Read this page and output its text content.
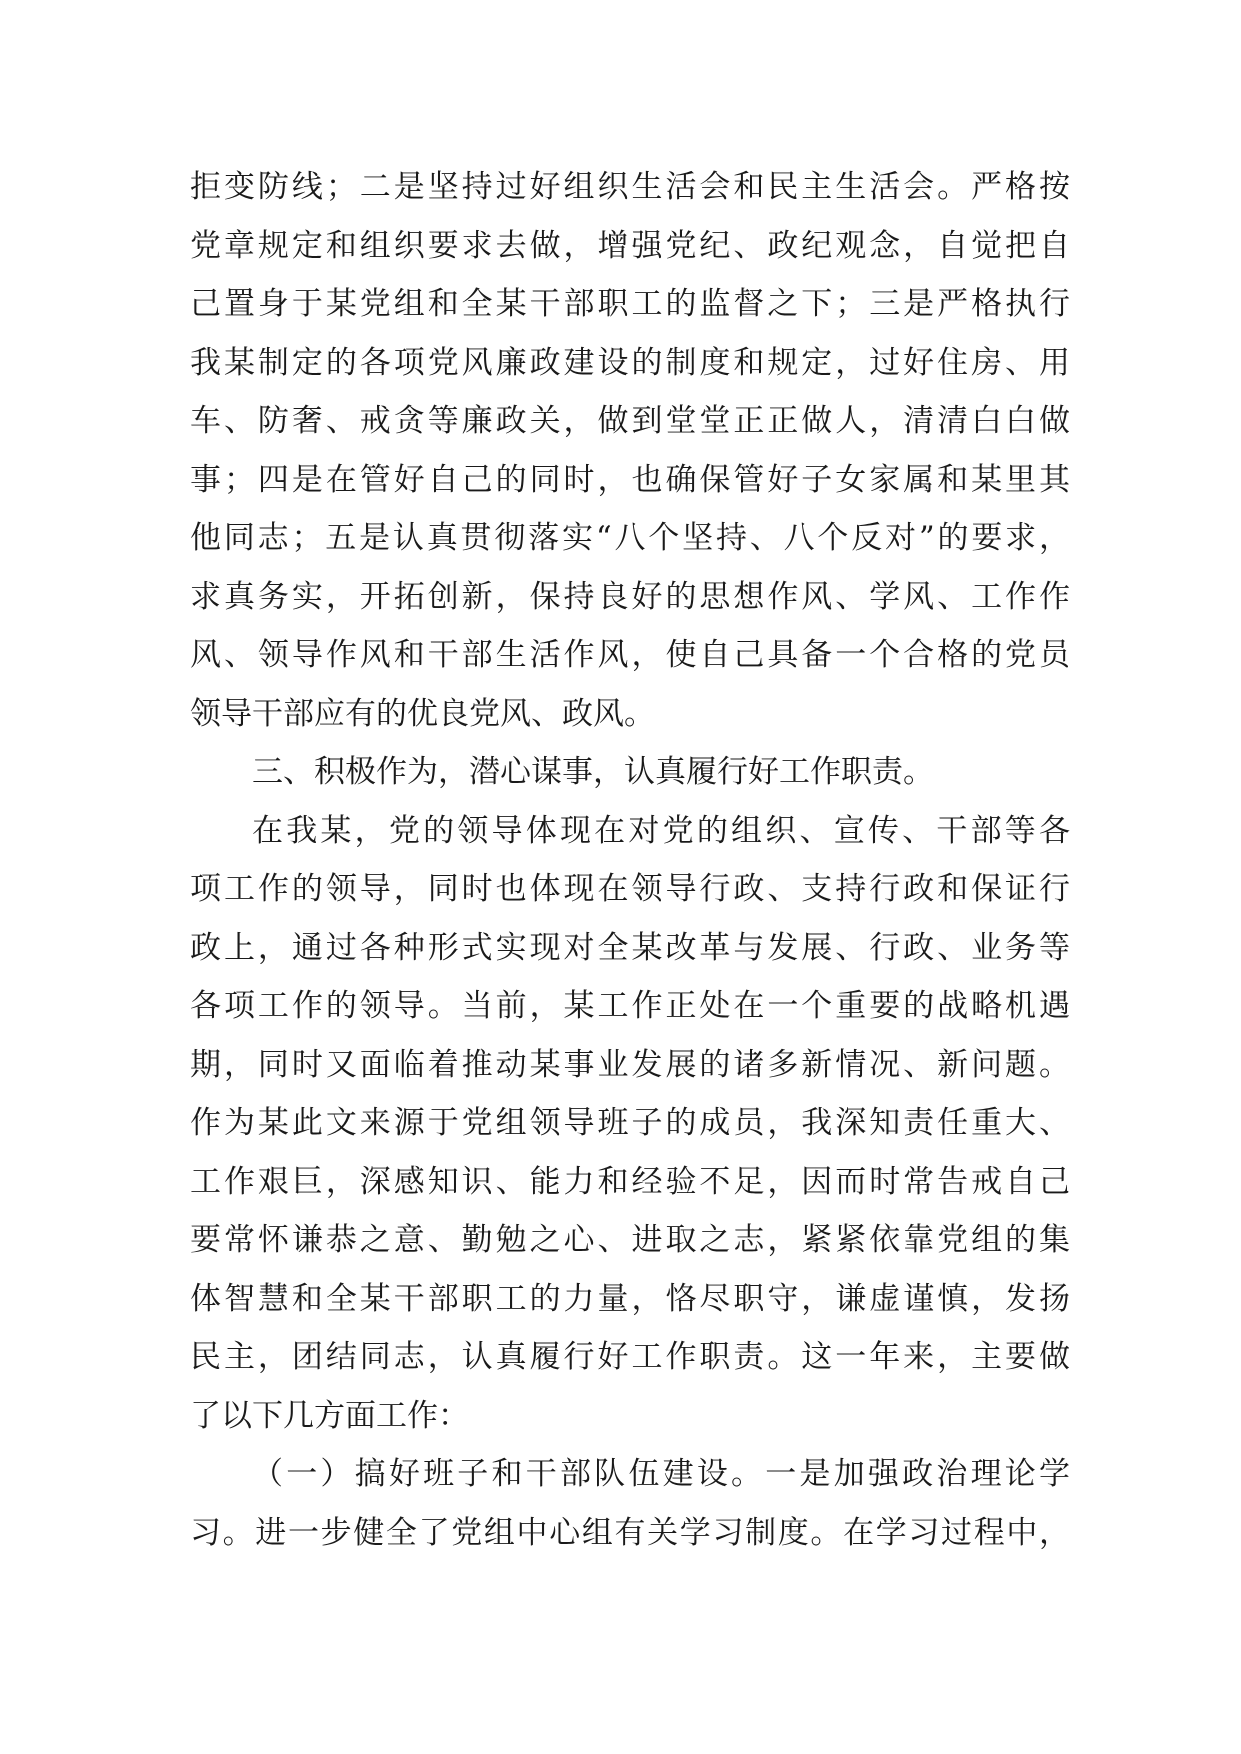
拒变防线；二是坚持过好组织生活会和民主生活会。严格按
党章规定和组织要求去做，增强党纪、政纪观念，自觉把自
己置身于某党组和全某干部职工的监督之下；三是严格执行
我某制定的各项党风廉政建设的制度和规定，过好住房、用
车、防奢、戒贪等廉政关，做到堂堂正正做人，清清白白做
事；四是在管好自己的同时，也确保管好子女家属和某里其
他同志；五是认真贯彻落实“八个坚持、八个反对”的要求，
求真务实，开拓创新，保持良好的思想作风、学风、工作作
风、领导作风和干部生活作风，使自己具备一个合格的党员
领导干部应有的优良党风、政风。
三、积极作为，潜心谋事，认真履行好工作职责。
在我某，党的领导体现在对党的组织、宣传、干部等各
项工作的领导，同时也体现在领导行政、支持行政和保证行
政上，通过各种形式实现对全某改革与发展、行政、业务等
各项工作的领导。当前，某工作正处在一个重要的战略机遇
期，同时又面临着推动某事业发展的诸多新情况、新问题。
作为某此文来源于党组领导班子的成员，我深知责任重大、
工作艰巨，深感知识、能力和经验不足，因而时常告戒自己
要常怀谦恭之意、勤勉之心、进取之志，紧紧依靠党组的集
体智慧和全某干部职工的力量，恪尽职守，谦虚谨慎，发扬
民主，团结同志，认真履行好工作职责。这一年来，主要做
了以下几方面工作：
（一）搞好班子和干部队伍建设。一是加强政治理论学
习。进一步健全了党组中心组有关学习制度。在学习过程中，
